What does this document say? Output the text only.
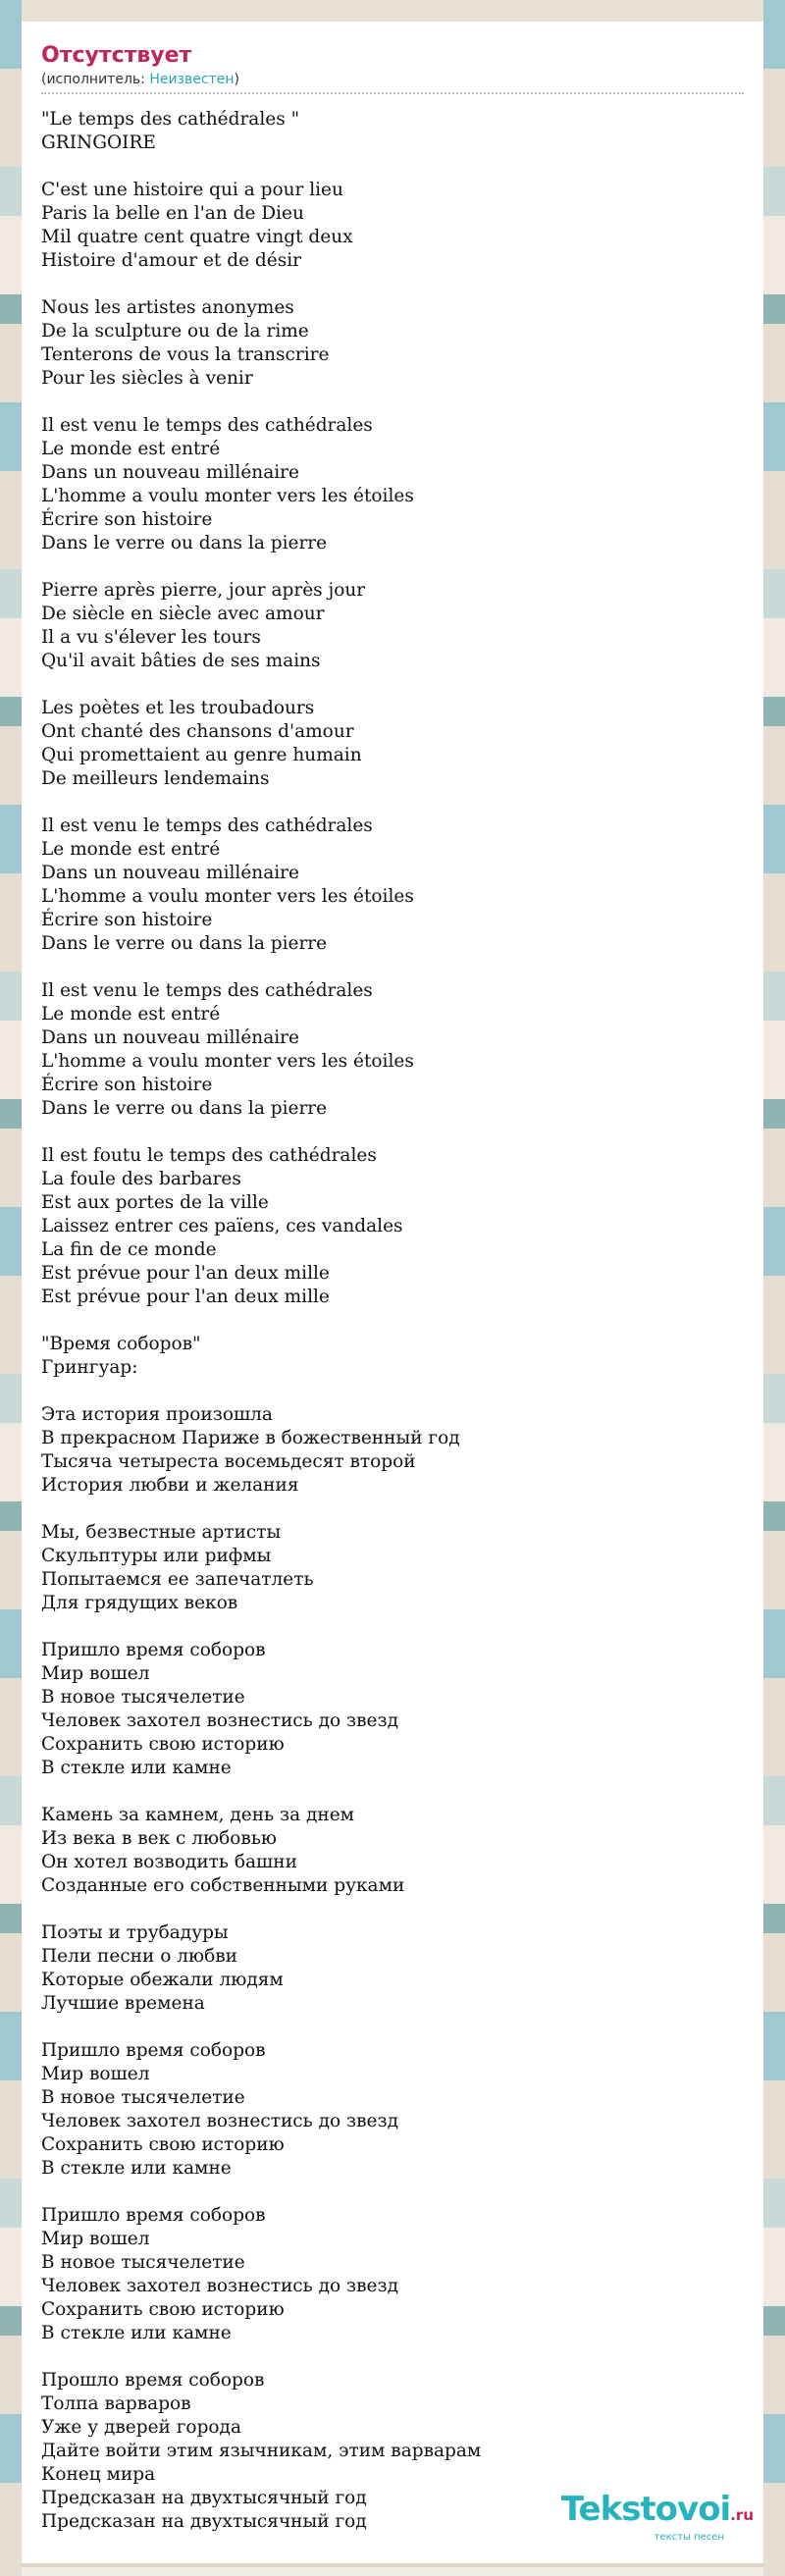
Отсутствует
(исполнитель: Неизвестен)
"Le temps des cathédrales "
GRINGOIRE
C'est une histoire qui a pour lieu
Paris la belle en l'an de Dieu
Mil quatre cent quatre vingt deux
Histoire d'amour et de désir
Nous les artistes anonymes
De la sculpture ou de la rime
Tenterons de vous la transcrire
Pour les siècles à venir
Il est venu le temps des cathédrales
Le monde est entré
Dans un nouveau millénaire
L'homme a voulu monter vers les étoiles
Écrire son histoire
Dans le verre ou dans la pierre
Pierre après pierre, jour après jour
De siècle en siècle avec amour
Il a vu s'élever les tours
Qu'il avait bâties de ses mains
Les poètes et les troubadours
Ont chanté des chansons d'amour
Qui promettaient au genre humain
De meilleurs lendemains
Il est venu le temps des cathédrales
Le monde est entré
Dans un nouveau millénaire
L'homme a voulu monter vers les étoiles
Écrire son histoire
Dans le verre ou dans la pierre
Il est venu le temps des cathédrales
Le monde est entré
Dans un nouveau millénaire
L'homme a voulu monter vers les étoiles
Écrire son histoire
Dans le verre ou dans la pierre
Il est foutu le temps des cathédrales
La foule des barbares
Est aux portes de la ville
Laissez entrer ces païens, ces vandales
La fin de ce monde
Est prévue pour l'an deux mille
Est prévue pour l'an deux mille
"Время соборов"
Грингуар:
Эта история произошла
В прекрасном Париже в божественный год
Тысяча четыреста восемьдесят второй
История любви и желания
Мы, безвестные артисты
Скульптуры или рифмы
Попытаемся ее запечатлеть
Для грядущих веков
Пришло время соборов
Мир вошел
В новое тысячелетие
Человек захотел вознестись до звезд
Сохранить свою историю
В стекле или камне
Камень за камнем, день за днем
Из века в век с любовью
Он хотел возводить башни
Созданные его собственными руками
Поэты и трубадуры
Пели песни о любви
Которые обежали людям
Лучшие времена
Пришло время соборов
Мир вошел
В новое тысячелетие
Человек захотел вознестись до звезд
Сохранить свою историю
В стекле или камне
Пришло время соборов
Мир вошел
В новое тысячелетие
Человек захотел вознестись до звезд
Сохранить свою историю
В стекле или камне
Прошло время соборов
Толпа варваров
Уже у дверей города
Дайте войти этим язычникам, этим варварам
Конец мира
Предсказан на двухтысячный год
Предсказан на двухтысячный год	Tekstovoi.ru
тексты песен
